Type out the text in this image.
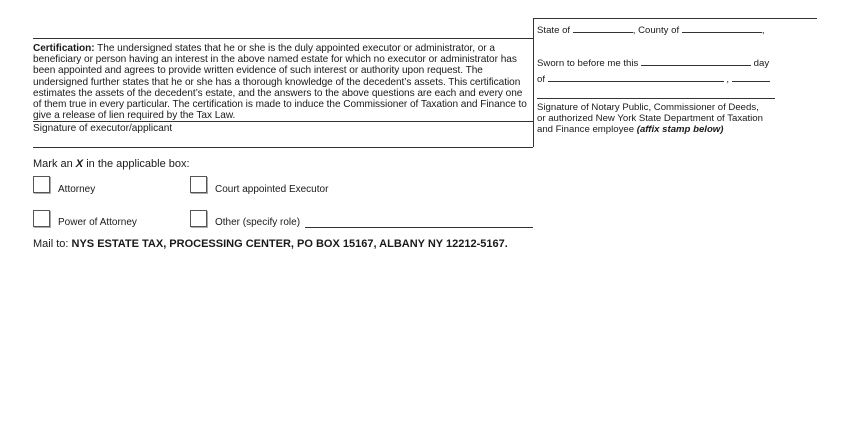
Certification: The undersigned states that he or she is the duly appointed executor or administrator, or a beneficiary or person having an interest in the above named estate for which no executor or administrator has been appointed and agrees to provide written evidence of such interest or authority upon request. The undersigned further states that he or she has a thorough knowledge of the decedent’s assets. This certification estimates the assets of the decedent’s estate, and the answers to the above questions are each and every one of them true in every particular. The certification is made to induce the Commissioner of Taxation and Finance to give a release of lien required by the Tax Law.
Signature of executor/applicant
State of	, County of	,
Sworn to before me this	day
of	,
Signature of Notary Public, Commissioner of Deeds,
or authorized New York State Department of Taxation
and Finance employee (affix stamp below)
Mark an X in the applicable box:
Attorney	Court appointed Executor
Power of Attorney	Other (specify role)
Mail to: NYS ESTATE TAX, PROCESSING CENTER, PO BOX 15167, ALBANY NY 12212-5167.
